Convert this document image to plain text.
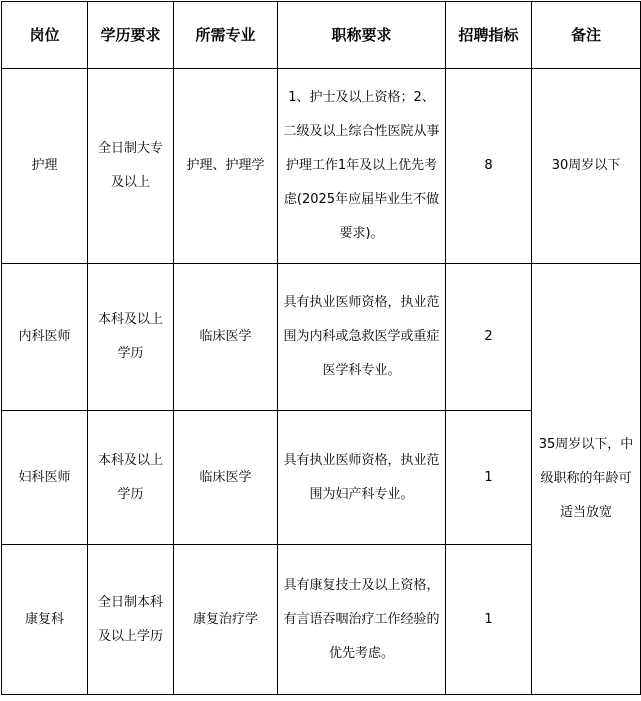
岗位	学历要求	所需专业	职称要求	招聘指标	备注
护理	全日制大专及以上	护理、护理学	1、护士及以上资格；2、二级及以上综合性医院从事护理工作1年及以上优先考虑(2025年应届毕业生不做要求)。	8	30周岁以下
内科医师	本科及以上学历	临床医学	具有执业医师资格，执业范围为内科或急救医学或重症医学科专业。	2	35周岁以下，中级职称的年龄可适当放宽
妇科医师	本科及以上学历	临床医学	具有执业医师资格，执业范围为妇产科专业。	1	
康复科	全日制本科及以上学历	康复治疗学	具有康复技士及以上资格，有言语吞咽治疗工作经验的优先考虑。	1	
